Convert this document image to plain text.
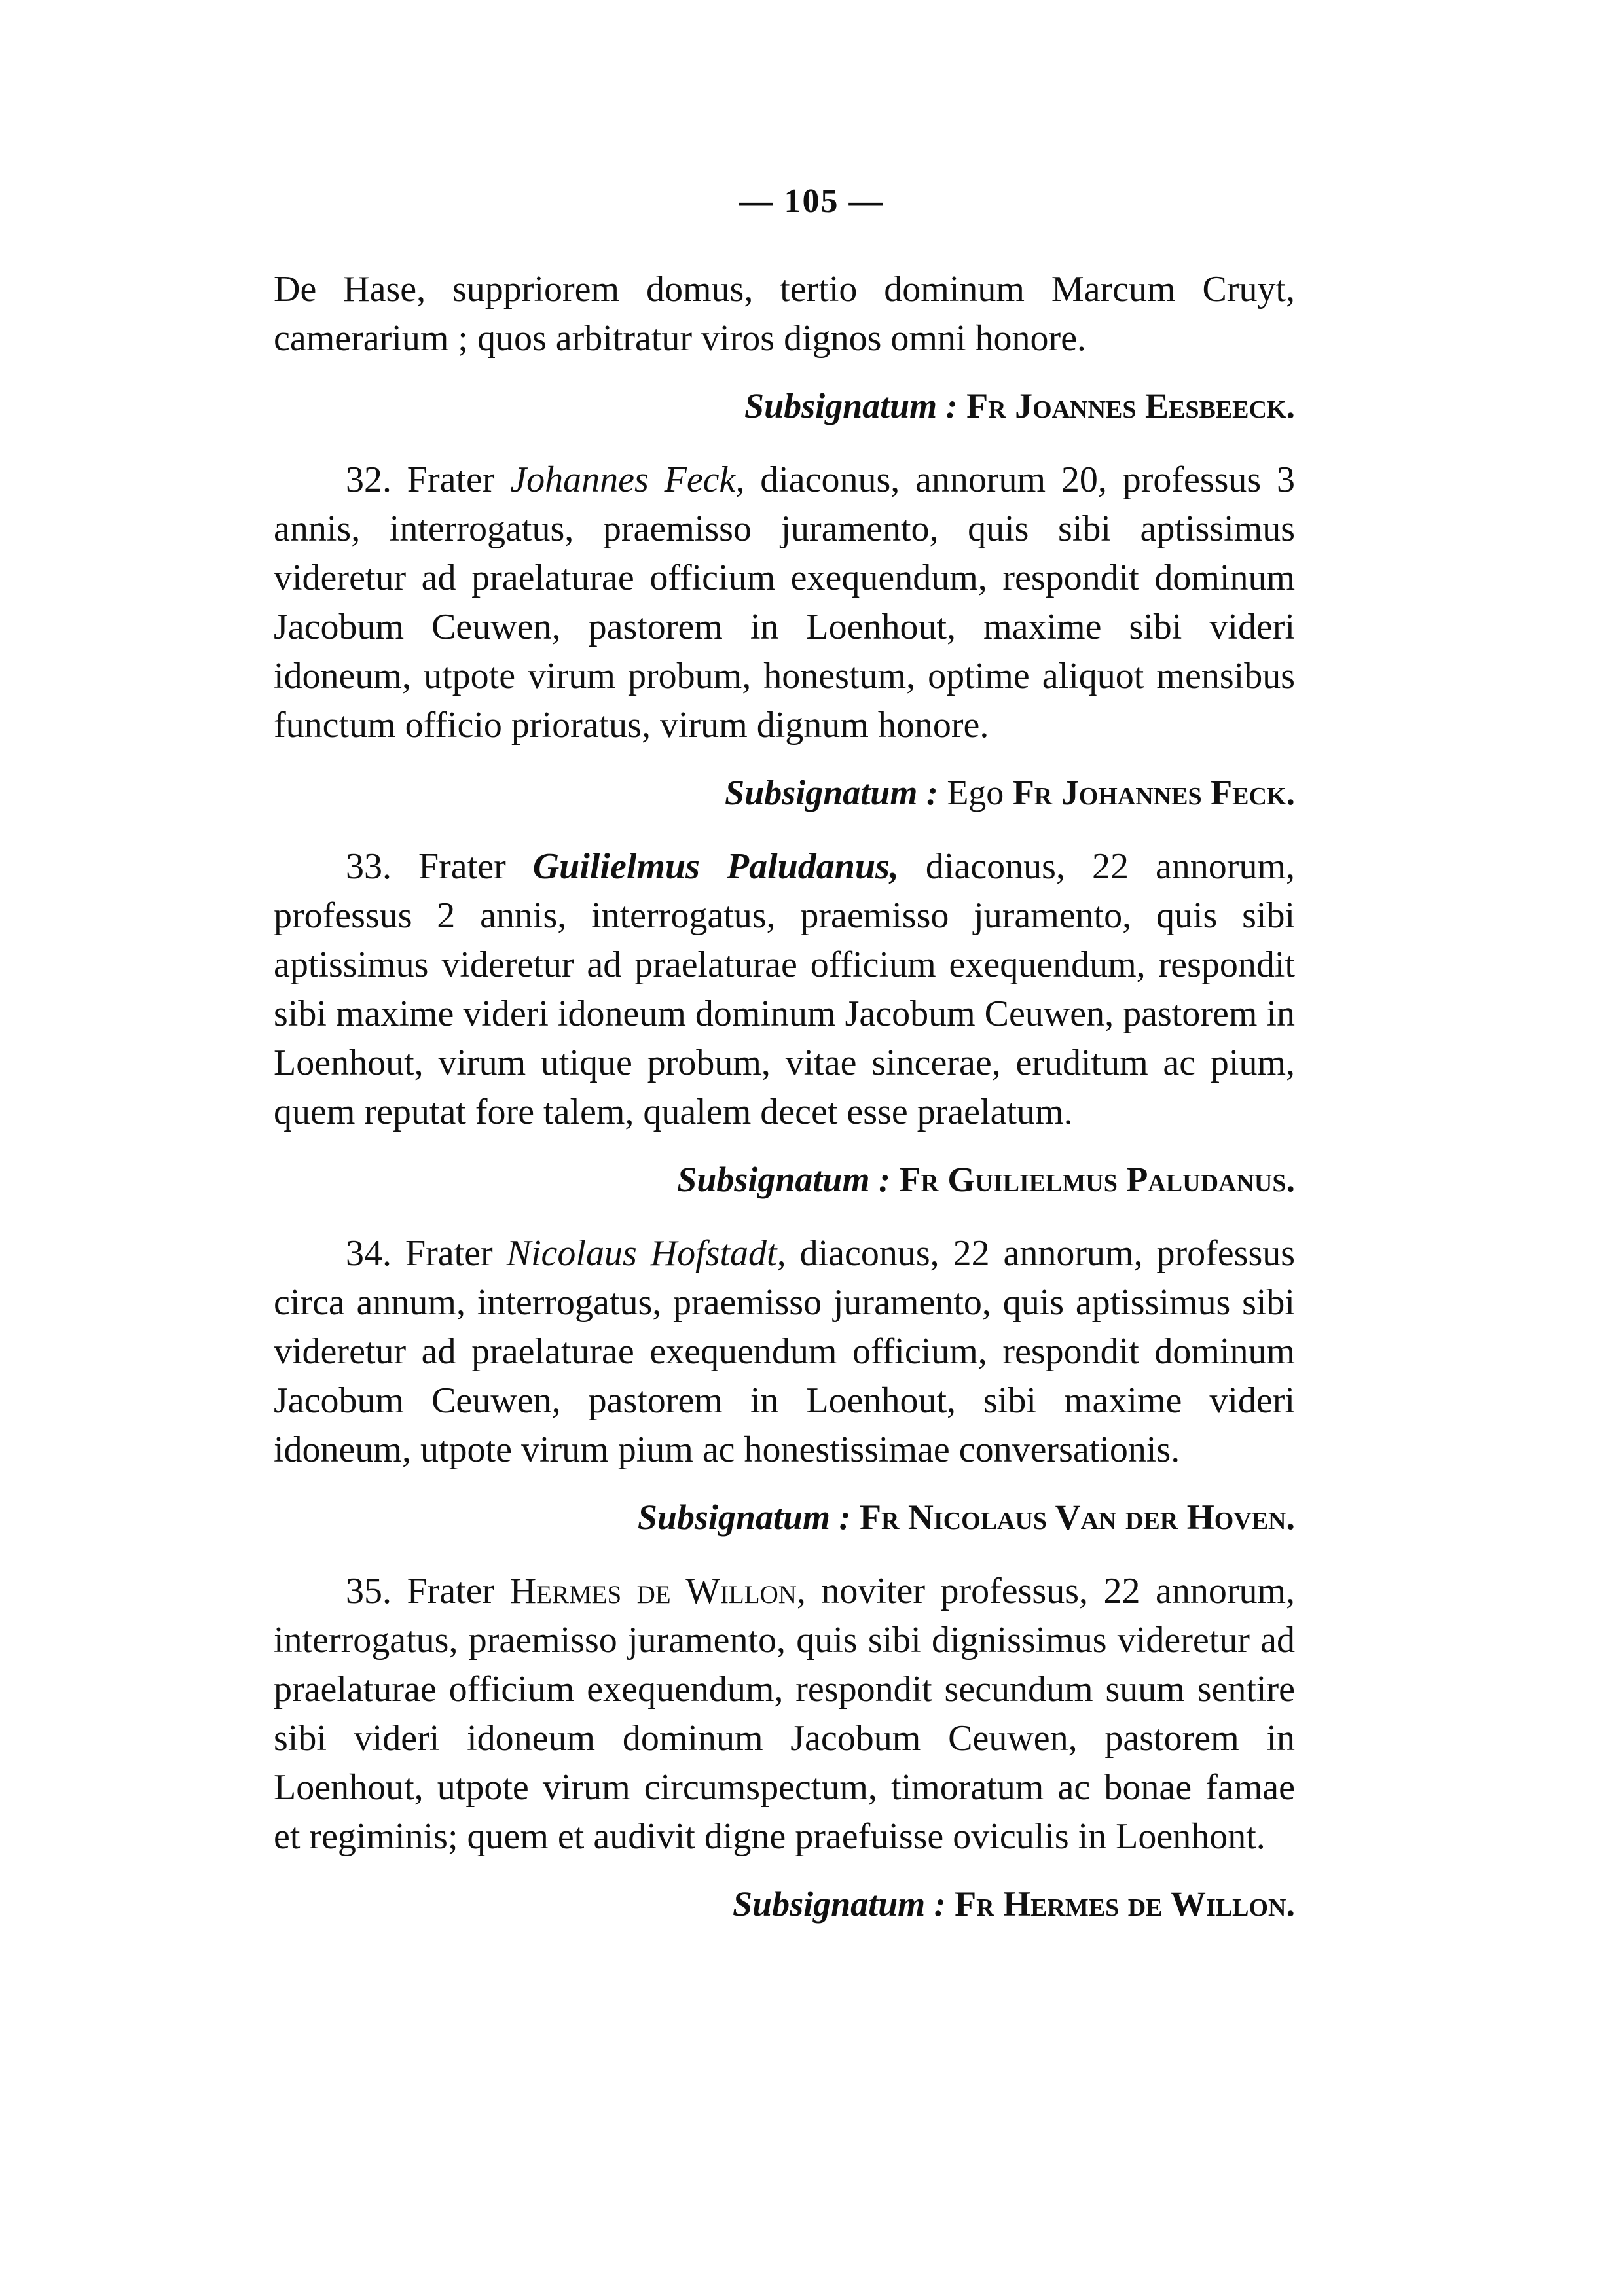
— 105 —

De Hase, suppriorem domus, tertio dominum Marcum Cruyt, camerarium ; quos arbitratur viros dignos omni honore.

Subsignatum : Fr Joannes Eesbeeck.

32. Frater Johannes Feck, diaconus, annorum 20, professus 3 annis, interrogatus, praemisso juramento, quis sibi aptissimus videretur ad praelaturae officium exequendum, respondit dominum Jacobum Ceuwen, pastorem in Loenhout, maxime sibi videri idoneum, utpote virum probum, honestum, optime aliquot mensibus functum officio prioratus, virum dignum honore.

Subsignatum : Ego Fr Johannes Feck.

33. Frater Guilielmus Paludanus, diaconus, 22 annorum, professus 2 annis, interrogatus, praemisso juramento, quis sibi aptissimus videretur ad praelaturae officium exequendum, respondit sibi maxime videri idoneum dominum Jacobum Ceuwen, pastorem in Loenhout, virum utique probum, vitae sincerae, eruditum ac pium, quem reputat fore talem, qualem decet esse praelatum.

Subsignatum : Fr Guilielmus Paludanus.

34. Frater Nicolaus Hofstadt, diaconus, 22 annorum, professus circa annum, interrogatus, praemisso juramento, quis aptissimus sibi videretur ad praelaturae exequendum officium, respondit dominum Jacobum Ceuwen, pastorem in Loenhout, sibi maxime videri idoneum, utpote virum pium ac honestissimae conversationis.

Subsignatum : Fr Nicolaus Van der Hoven.

35. Frater Hermes de Willon, noviter professus, 22 annorum, interrogatus, praemisso juramento, quis sibi dignissimus videretur ad praelaturae officium exequendum, respondit secundum suum sentire sibi videri idoneum dominum Jacobum Ceuwen, pastorem in Loenhout, utpote virum circumspectum, timoratum ac bonae famae et regiminis; quem et audivit digne praefuisse oviculis in Loenhont.

Subsignatum : Fr Hermes de Willon.
